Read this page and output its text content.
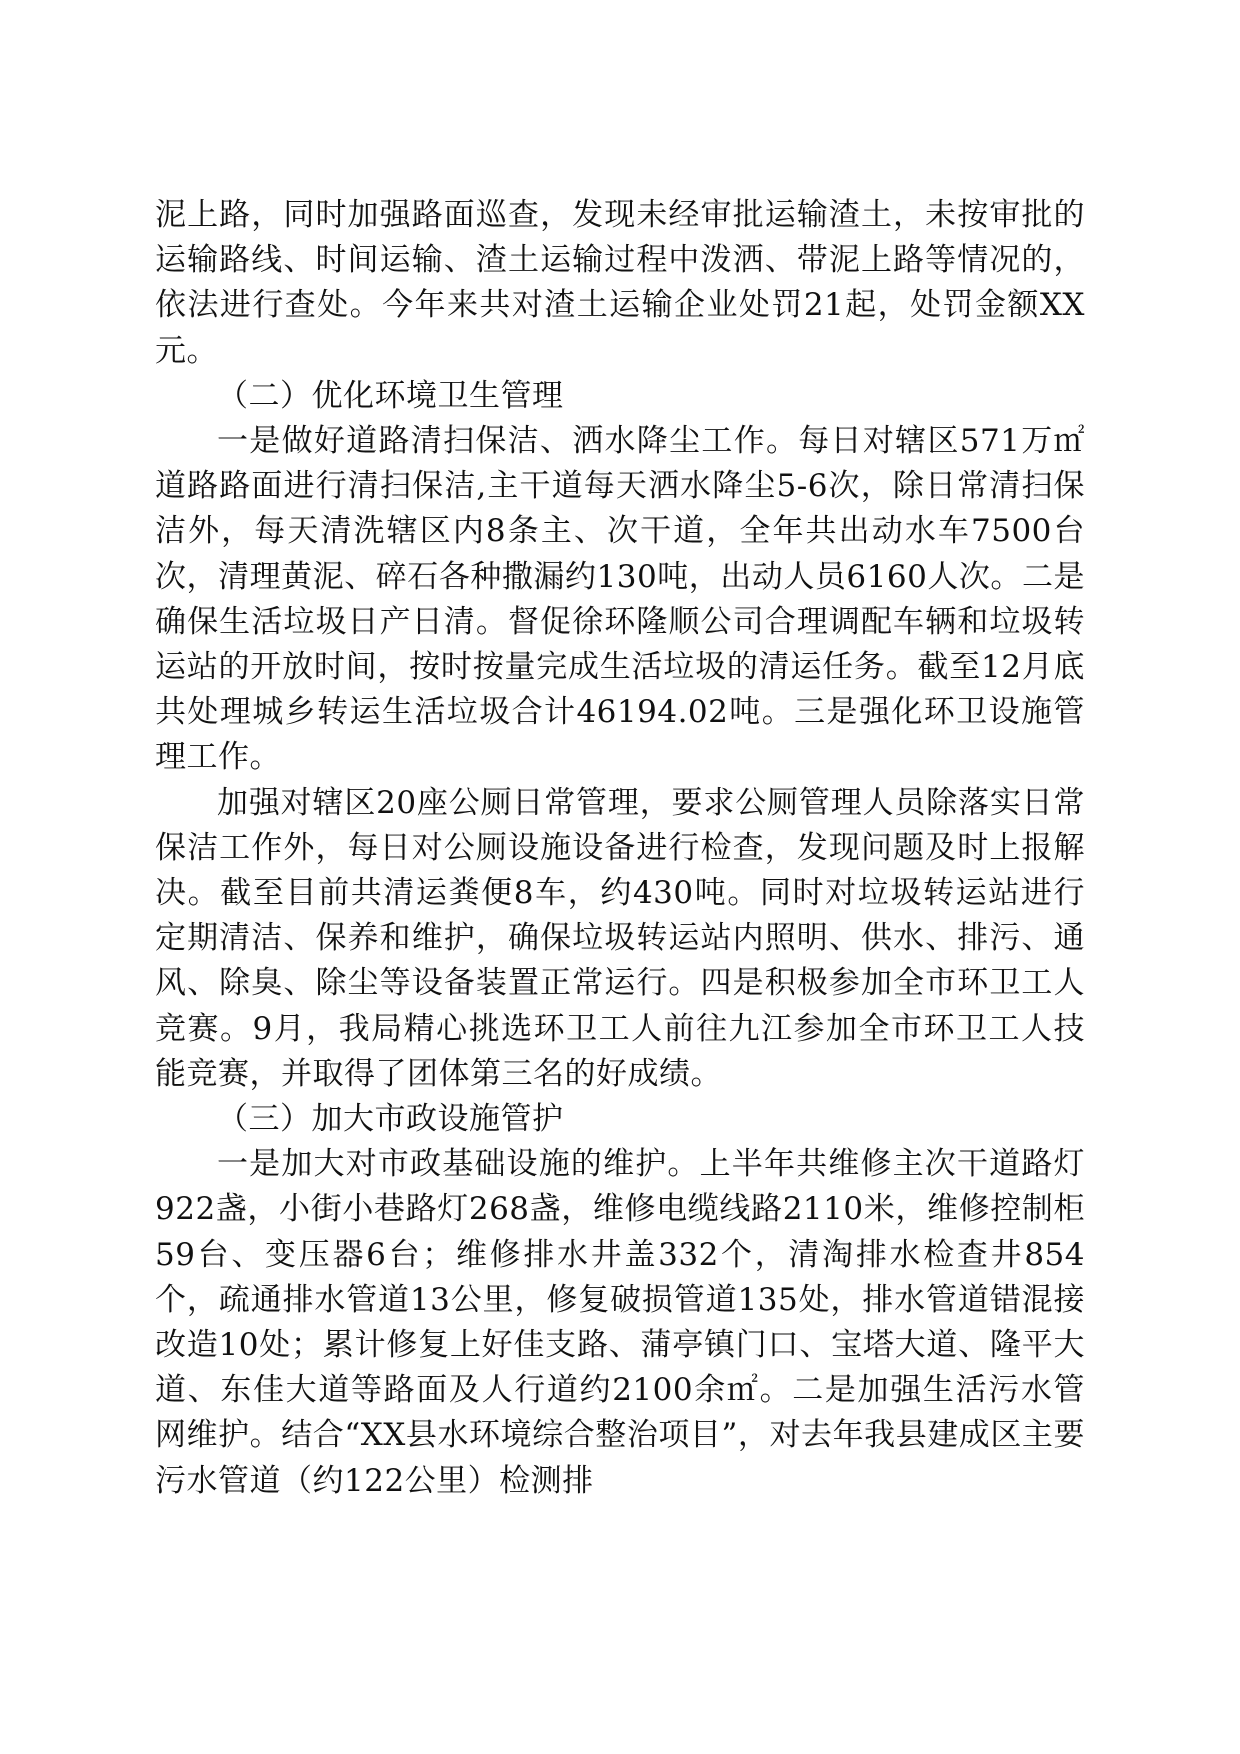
泥上路，同时加强路面巡查，发现未经审批运输渣土，未按审批的运输路线、时间运输、渣土运输过程中泼洒、带泥上路等情况的，依法进行查处。今年来共对渣土运输企业处罚21起，处罚金额XX元。

（二）优化环境卫生管理

一是做好道路清扫保洁、洒水降尘工作。每日对辖区571万㎡道路路面进行清扫保洁,主干道每天洒水降尘5-6次，除日常清扫保洁外，每天清洗辖区内8条主、次干道，全年共出动水车7500台次，清理黄泥、碎石各种撒漏约130吨，出动人员6160人次。二是确保生活垃圾日产日清。督促徐环隆顺公司合理调配车辆和垃圾转运站的开放时间，按时按量完成生活垃圾的清运任务。截至12月底共处理城乡转运生活垃圾合计46194.02吨。三是强化环卫设施管理工作。

加强对辖区20座公厕日常管理，要求公厕管理人员除落实日常保洁工作外，每日对公厕设施设备进行检查，发现问题及时上报解决。截至目前共清运粪便8车，约430吨。同时对垃圾转运站进行定期清洁、保养和维护，确保垃圾转运站内照明、供水、排污、通风、除臭、除尘等设备装置正常运行。四是积极参加全市环卫工人竞赛。9月，我局精心挑选环卫工人前往九江参加全市环卫工人技能竞赛，并取得了团体第三名的好成绩。

（三）加大市政设施管护

一是加大对市政基础设施的维护。上半年共维修主次干道路灯922盏，小街小巷路灯268盏，维修电缆线路2110米，维修控制柜59台、变压器6台；维修排水井盖332个，清淘排水检查井854个，疏通排水管道13公里，修复破损管道135处，排水管道错混接改造10处；累计修复上好佳支路、蒲亭镇门口、宝塔大道、隆平大道、东佳大道等路面及人行道约2100余㎡。二是加强生活污水管网维护。结合“XX县水环境综合整治项目”，对去年我县建成区主要污水管道（约122公里）检测排
